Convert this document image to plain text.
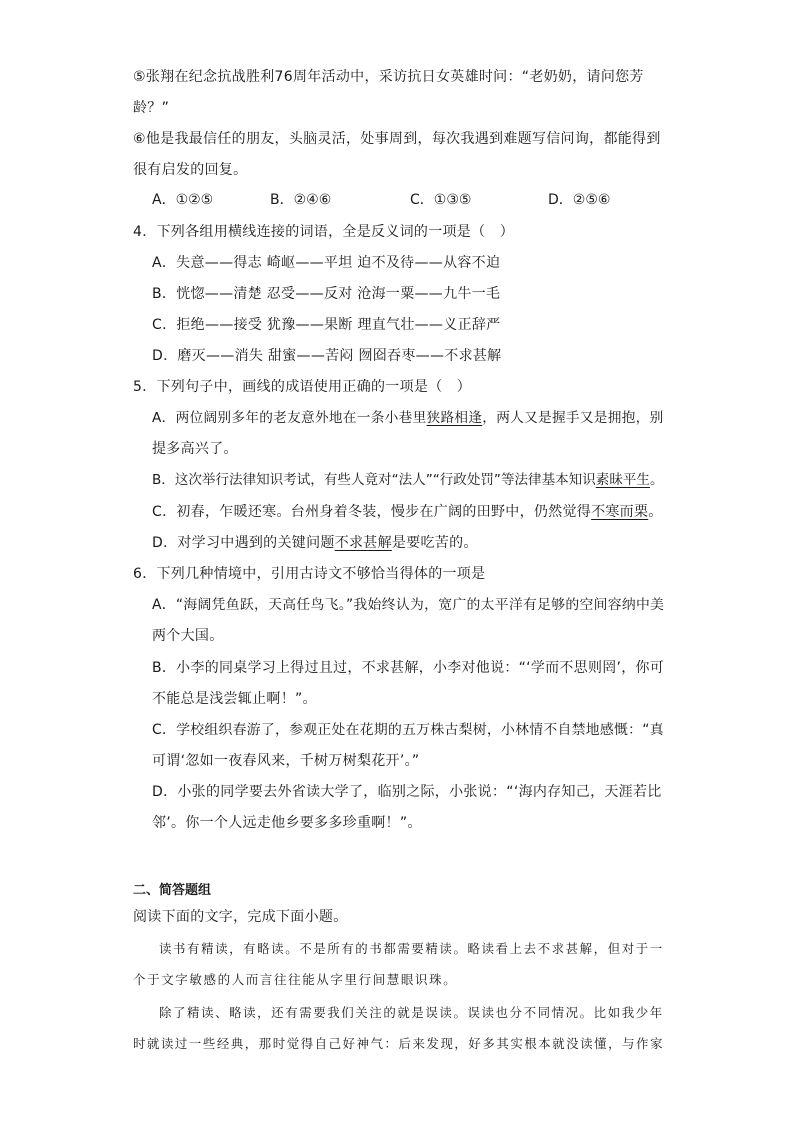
⑤张翔在纪念抗战胜利76周年活动中，采访抗日女英雄时问：“老奶奶，请问您芳
龄？”
⑥他是我最信任的朋友，头脑灵活，处事周到，每次我遇到难题写信问询，都能得到
很有启发的回复。
A．①②⑤	B．②④⑥	C．①③⑤	D．②⑤⑥
4．下列各组用横线连接的词语，全是反义词的一项是（　）
A．失意——得志 崎岖——平坦 迫不及待——从容不迫
B．恍惚——清楚 忍受——反对 沧海一粟——九牛一毛
C．拒绝——接受 犹豫——果断 理直气壮——义正辞严
D．磨灭——消失 甜蜜——苦闷 囫囵吞枣——不求甚解
5．下列句子中，画线的成语使用正确的一项是（　）
A．两位阔别多年的老友意外地在一条小巷里狭路相逢，两人又是握手又是拥抱，别
提多高兴了。
B．这次举行法律知识考试，有些人竟对“法人”“行政处罚”等法律基本知识素昧平生。
C．初春，乍暖还寒。台州身着冬装，慢步在广阔的田野中，仍然觉得不寒而栗。
D．对学习中遇到的关键问题不求甚解是要吃苦的。
6．下列几种情境中，引用古诗文不够恰当得体的一项是
A．“海阔凭鱼跃，天高任鸟飞。”我始终认为，宽广的太平洋有足够的空间容纳中美
两个大国。
B．小李的同桌学习上得过且过，不求甚解，小李对他说：“‘学而不思则罔’，你可
不能总是浅尝辄止啊！”。
C．学校组织春游了，参观正处在花期的五万株古梨树，小林情不自禁地感慨：“真
可谓‘忽如一夜春风来，千树万树梨花开’。”
D．小张的同学要去外省读大学了，临别之际，小张说：“‘海内存知己，天涯若比
邻’。你一个人远走他乡要多多珍重啊！”。
二、简答题组
阅读下面的文字，完成下面小题。
读书有精读，有略读。不是所有的书都需要精读。略读看上去不求甚解，但对于一
个于文字敏感的人而言往往能从字里行间慧眼识珠。
除了精读、略读，还有需要我们关注的就是误读。误读也分不同情况。比如我少年
时就读过一些经典，那时觉得自己好神气：后来发现，好多其实根本就没读懂，与作家
